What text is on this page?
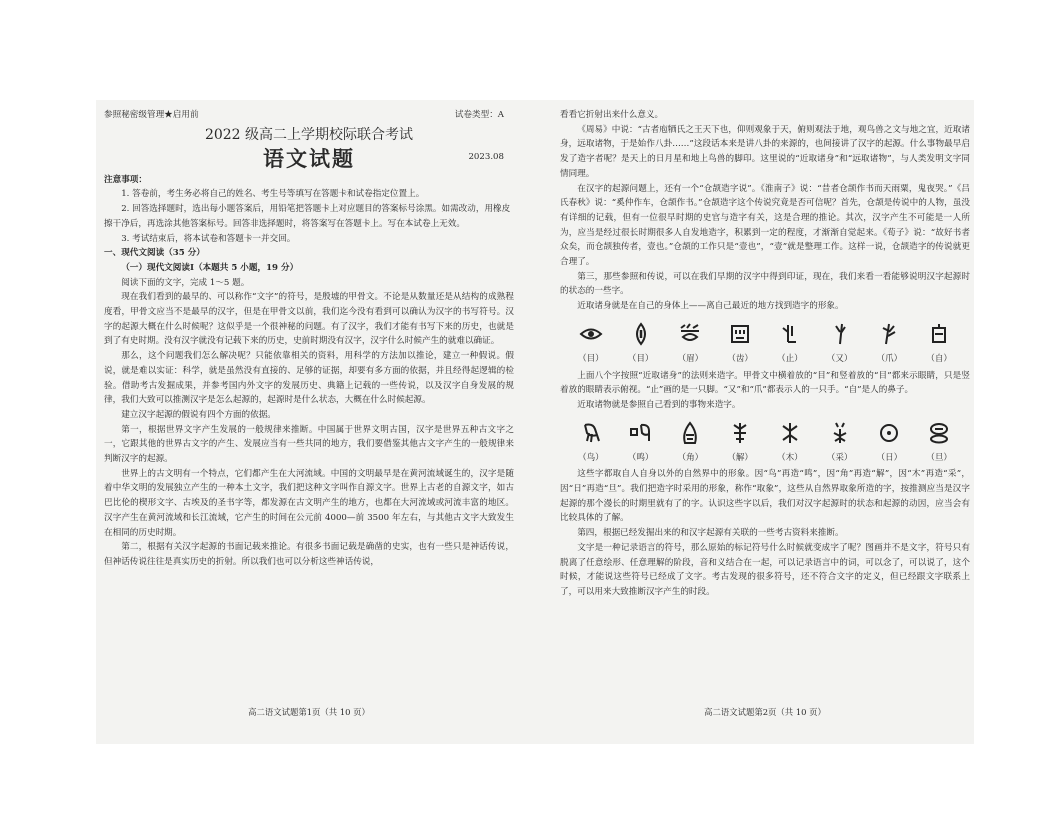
参照秘密级管理★启用前	试卷类型：A
2022 级高二上学期校际联合考试
语文试题	2023.08
注意事项：
1. 答卷前，考生务必将自己的姓名、考生号等填写在答题卡和试卷指定位置上。
2. 回答选择题时，选出每小题答案后，用铅笔把答题卡上对应题目的答案标号涂黑。如需改动，用橡皮擦干净后，再选涂其他答案标号。回答非选择题时，将答案写在答题卡上。写在本试卷上无效。
3. 考试结束后，将本试卷和答题卡一并交回。
一、现代文阅读（35 分）
（一）现代文阅读Ⅰ（本题共 5 小题，19 分）
阅读下面的文字，完成 1～5 题。
现在我们看到的最早的、可以称作“文字”的符号，是殷墟的甲骨文。不论是从数量还是从结构的成熟程度看，甲骨文应当不是最早的汉字，但是在甲骨文以前，我们迄今没有看到可以确认为汉字的书写符号。汉字的起源大概在什么时候呢？这似乎是一个很神秘的问题。有了汉字，我们才能有书写下来的历史，也就是到了有史时期。没有汉字就没有记载下来的历史，史前时期没有汉字，汉字什么时候产生的就难以确证。
那么，这个问题我们怎么解决呢？只能依靠相关的资料，用科学的方法加以推论，建立一种假说。假说，就是难以实证：科学，就是虽然没有直接的、足够的证据，却要有多方面的依据，并且经得起逻辑的检验。借助考古发掘成果，并参考国内外文字的发展历史、典籍上记载的一些传说，以及汉字自身发展的规律，我们大致可以推测汉字是怎么起源的，起源时是什么状态，大概在什么时候起源。
建立汉字起源的假说有四个方面的依据。
第一，根据世界文字产生发展的一般规律来推断。中国属于世界文明古国，汉字是世界五种古文字之一，它跟其他的世界古文字的产生、发展应当有一些共同的地方，我们要借鉴其他古文字产生的一般规律来判断汉字的起源。
世界上的古文明有一个特点，它们都产生在大河流域。中国的文明最早是在黄河流域诞生的，汉字是随着中华文明的发展独立产生的一种本土文字，我们把这种文字叫作自源文字。世界上古老的自源文字，如古巴比伦的楔形文字、古埃及的圣书字等，都发源在古文明产生的地方，也都在大河流域或河流丰富的地区。汉字产生在黄河流域和长江流域，它产生的时间在公元前 4000—前 3500 年左右，与其他古文字大致发生在相同的历史时期。
第二，根据有关汉字起源的书面记载来推论。有很多书面记载是确凿的史实，也有一些只是神话传说，但神话传说往往是真实历史的折射。所以我们也可以分析这些神话传说，
高二语文试题第1页（共 10 页）
看看它折射出来什么意义。
《周易》中说：“古者庖牺氏之王天下也，仰则观象于天，俯则观法于地，观鸟兽之文与地之宜，近取诸身，远取诸物，于是始作八卦……”这段话本来是讲八卦的来源的，也间接讲了汉字的起源。什么事物最早启发了造字者呢？是天上的日月星和地上鸟兽的脚印。这里说的“近取诸身”和“远取诸物”，与人类发明文字同情同理。
在汉字的起源问题上，还有一个“仓颉造字说”。《淮南子》说：“昔者仓颉作书而天雨粟，鬼夜哭。”《吕氏春秋》说：“奚仲作车，仓颉作书。”仓颉造字这个传说究竟是否可信呢？首先，仓颉是传说中的人物，虽没有详细的记载，但有一位很早时期的史官与造字有关，这是合理的推论。其次，汉字产生不可能是一人所为，应当是经过很长时期很多人自发地造字，积累到一定的程度，才渐渐自觉起来。《荀子》说：“故好书者众矣，而仓颉独传者，壹也。”仓颉的工作只是“壹也”，“壹”就是整理工作。这样一说，仓颉造字的传说就更合理了。
第三，那些参照和传说，可以在我们早期的汉字中得到印证，现在，我们来看一看能够说明汉字起源时的状态的一些字。
近取诸身就是在自己的身体上——离自己最近的地方找到造字的形象。
（目）	（目）	（眉）	（齿）	（止）	（又）	（爪）	（自）
上面八个字按照“近取诸身”的法则来造字。甲骨文中横着放的“目”和竖着放的“目”都来示眼睛，只是竖着放的眼睛表示俯视。“止”画的是一只脚。“又”和“爪”都表示人的一只手。“自”是人的鼻子。
近取诸物就是参照自己看到的事物来造字。
（鸟）	（鸣）	（角）	（解）	（木）	（采）	（日）	（旦）
这些字都取自人自身以外的自然界中的形象。因“鸟”再造“鸣”，因“角”再造“解”，因“木”再造“采”，因“日”再造“旦”。我们把造字时采用的形象，称作“取象”，这些从自然界取象所造的字，按推测应当是汉字起源的那个漫长的时期里就有了的字。认识这些字以后，我们对汉字起源时的状态和起源的动因，应当会有比较具体的了解。
第四，根据已经发掘出来的和汉字起源有关联的一些考古资料来推断。
文字是一种记录语言的符号，那么原始的标记符号什么时候就变成字了呢？图画并不是文字，符号只有脱离了任意绘形、任意理解的阶段，音和义结合在一起，可以记录语言中的词，可以念了，可以说了，这个时候，才能说这些符号已经成了文字。考古发现的很多符号，还不符合文字的定义，但已经跟文字联系上了，可以用来大致推断汉字产生的时段。
高二语文试题第2页（共 10 页）
